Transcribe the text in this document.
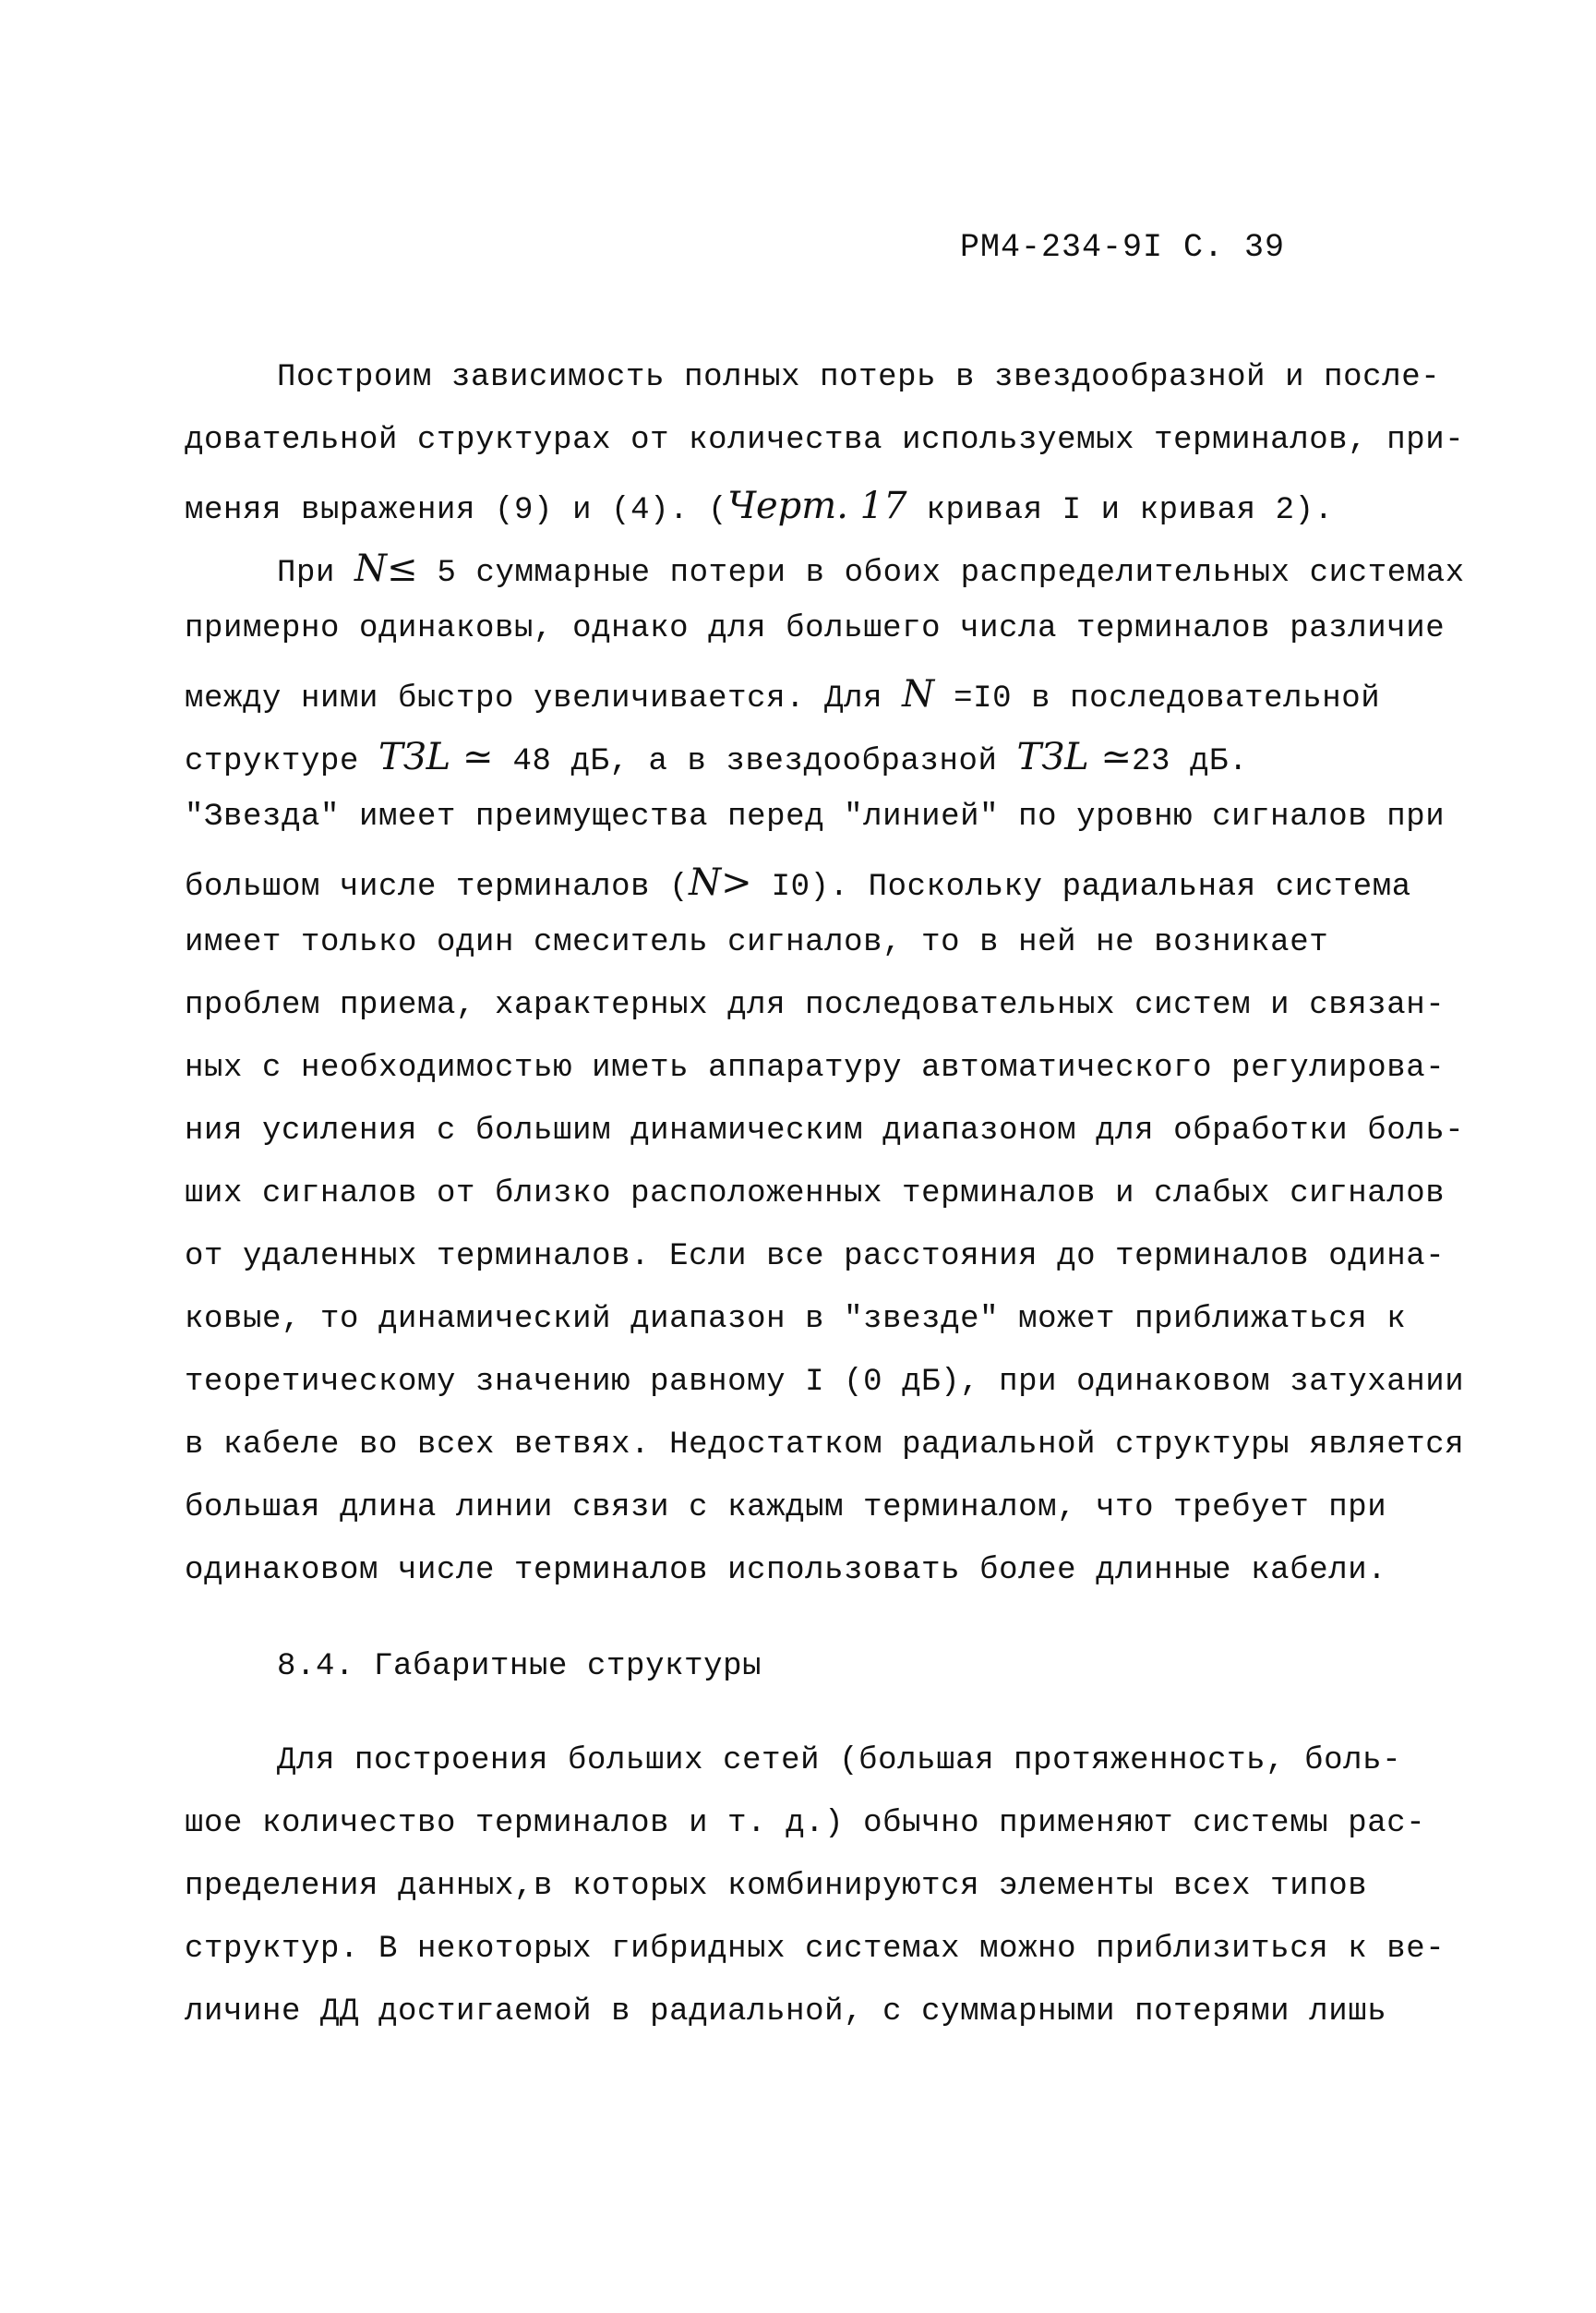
РМ4-234-9I С. 39
Построим зависимость полных потерь в звездообразной и после-
довательной структурах от количества используемых терминалов, при-
меняя выражения (9) и (4). (Черт. 17 кривая I и кривая 2).
При N≤ 5 суммарные потери в обоих распределительных системах
примерно одинаковы, однако для большего числа терминалов различие
между ними быстро увеличивается. Для N =I0 в последовательной
структуре ТЗL ≃ 48 дБ, а в звездообразной ТЗL ≃23 дБ.
"Звезда" имеет преимущества перед "линией" по уровню сигналов при
большом числе терминалов (N> I0). Поскольку радиальная система
имеет только один смеситель сигналов, то в ней не возникает
проблем приема, характерных для последовательных систем и связан-
ных с необходимостью иметь аппаратуру автоматического регулирова-
ния усиления с большим динамическим диапазоном для обработки боль-
ших сигналов от близко расположенных терминалов и слабых сигналов
от удаленных терминалов. Если все расстояния до терминалов одина-
ковые, то динамический диапазон в "звезде" может приближаться к
теоретическому значению равному I (0 дБ), при одинаковом затухании
в кабеле во всех ветвях. Недостатком радиальной структуры является
большая длина линии связи с каждым терминалом, что требует при
одинаковом числе терминалов использовать более длинные кабели.
8.4. Габаритные структуры
Для построения больших сетей (большая протяженность, боль-
шое количество терминалов и т. д.) обычно применяют системы рас-
пределения данных,в которых комбинируются элементы всех типов
структур. В некоторых гибридных системах можно приблизиться к ве-
личине ДД достигаемой в радиальной, с суммарными потерями лишь
